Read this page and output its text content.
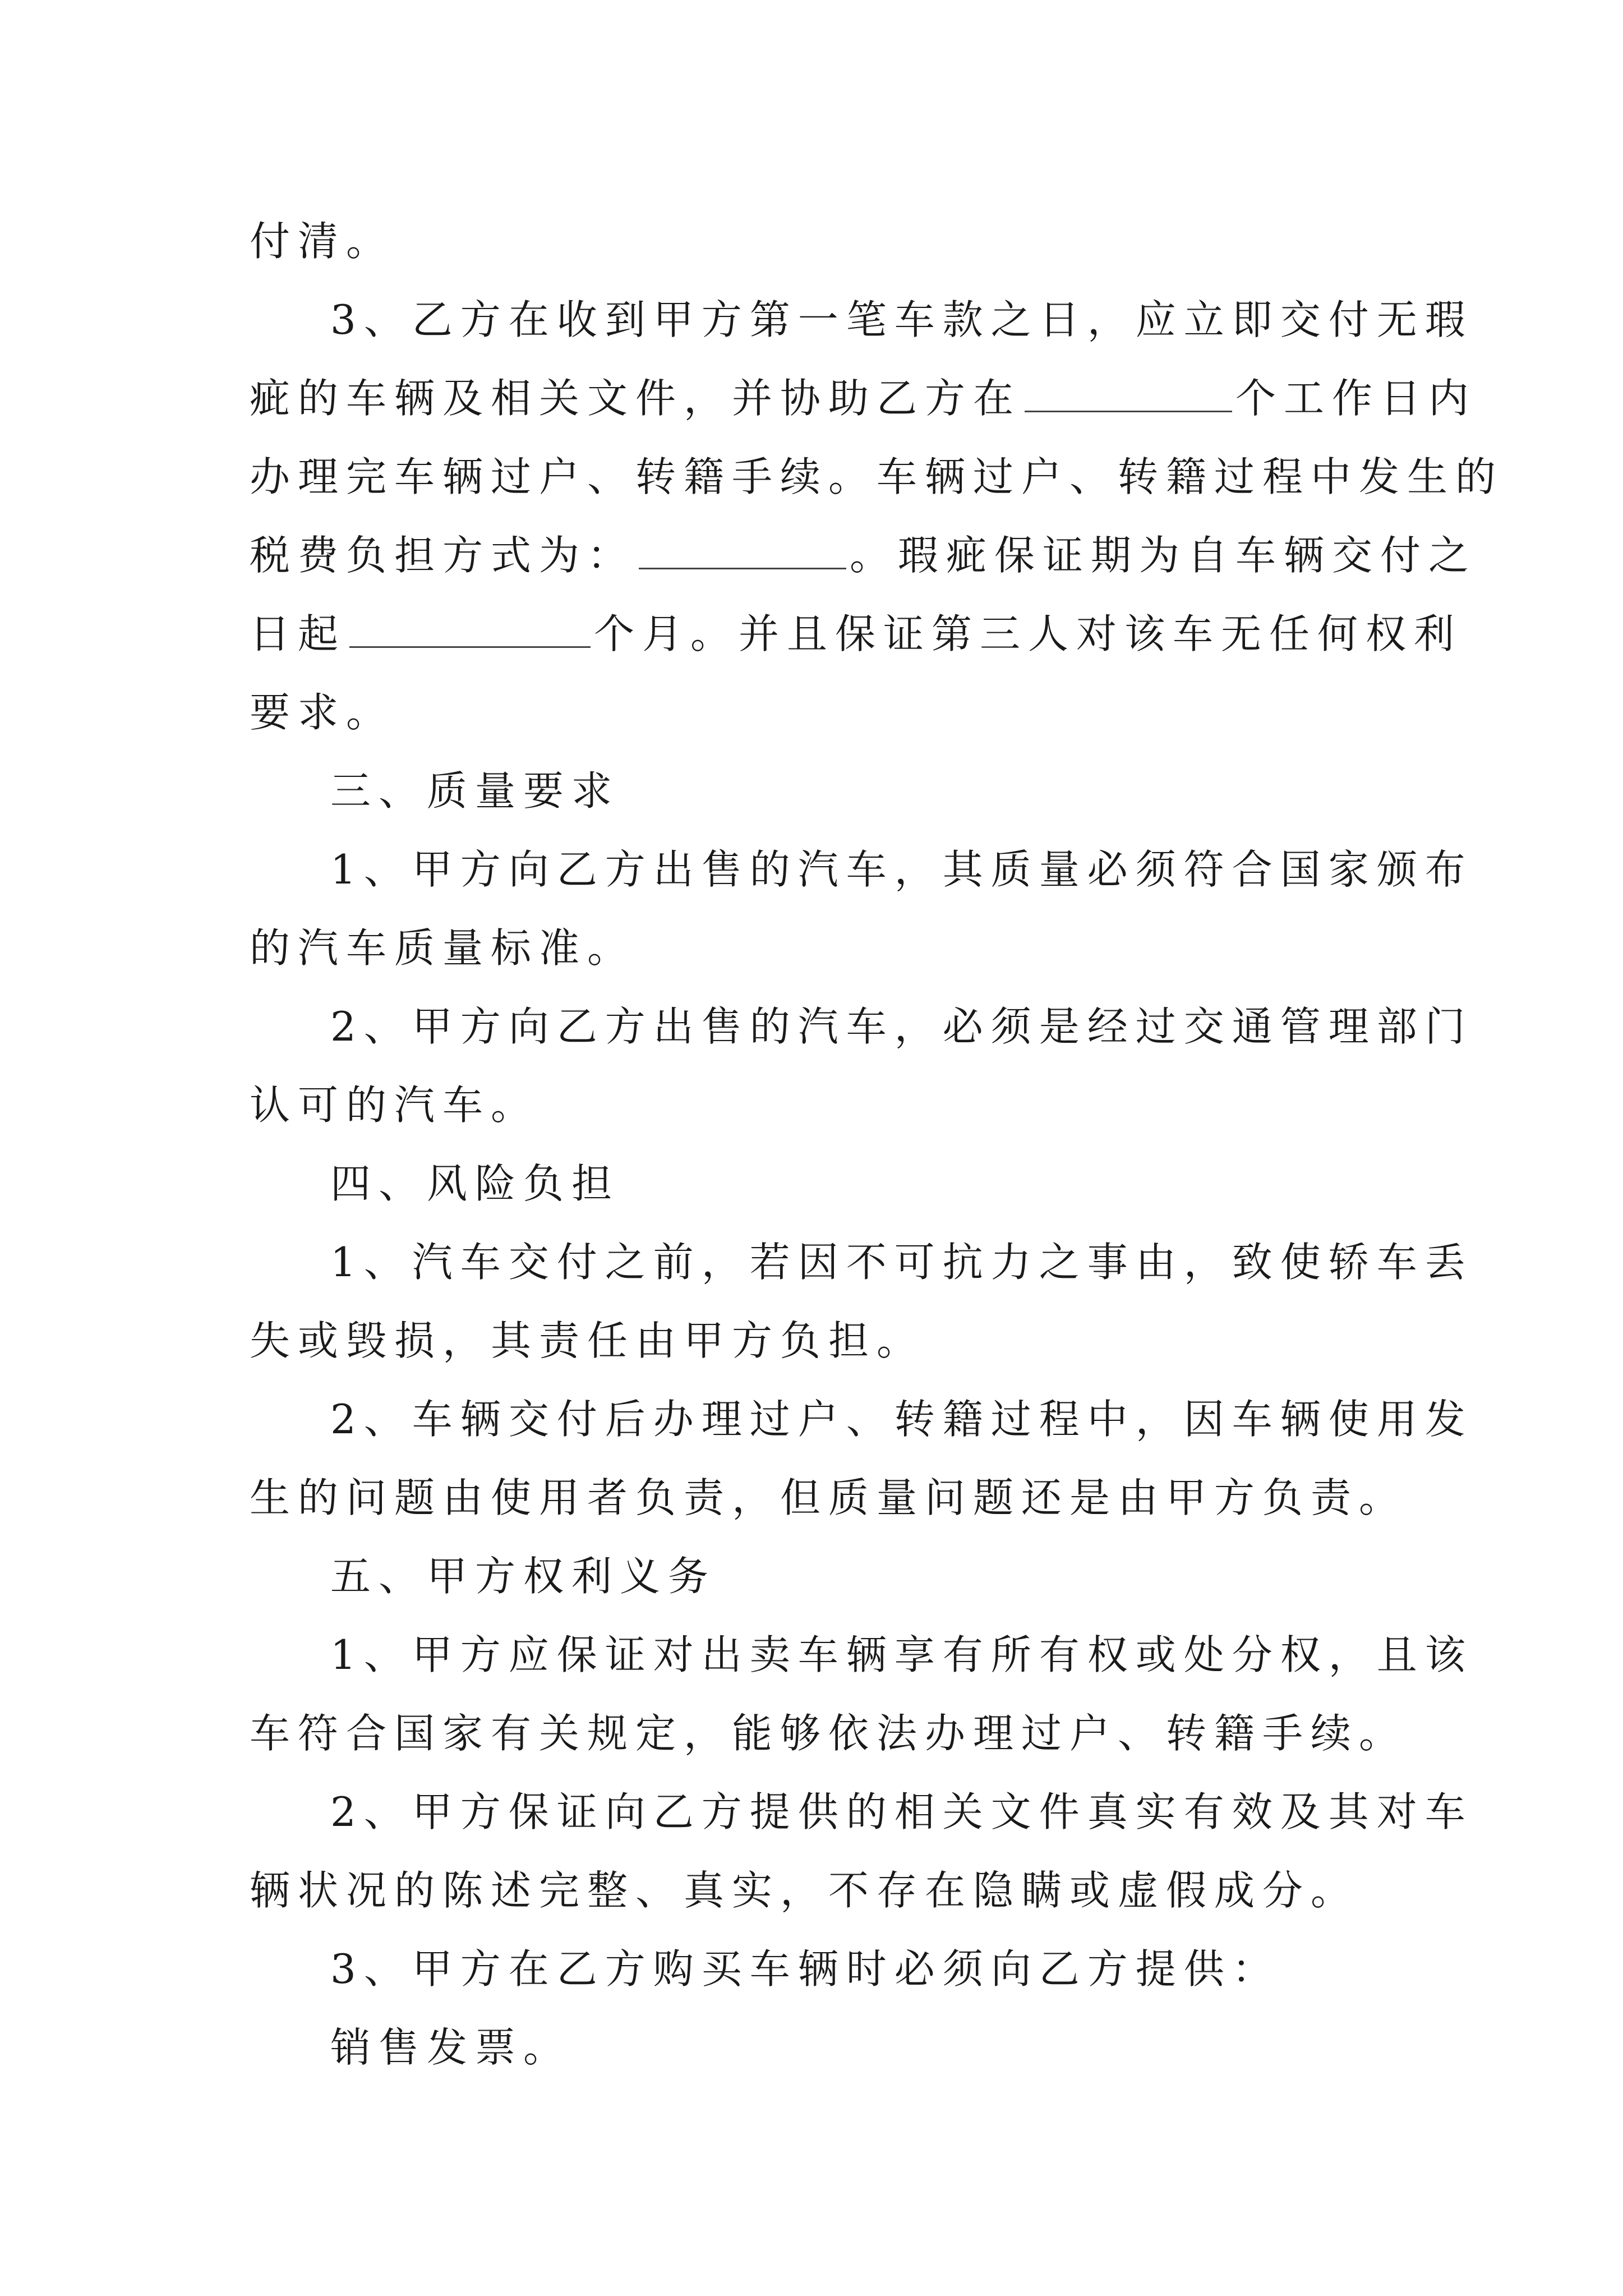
付清。

3、乙方在收到甲方第一笔车款之日，应立即交付无瑕
疵的车辆及相关文件，并协助乙方在	个工作日内
办理完车辆过户、转籍手续。车辆过户、转籍过程中发生的
税费负担方式为：	。瑕疵保证期为自车辆交付之
日起	个月。并且保证第三人对该车无任何权利
要求。

三、质量要求

1、甲方向乙方出售的汽车，其质量必须符合国家颁布
的汽车质量标准。

2、甲方向乙方出售的汽车，必须是经过交通管理部门
认可的汽车。

四、风险负担

1、汽车交付之前，若因不可抗力之事由，致使轿车丢
失或毁损，其责任由甲方负担。

2、车辆交付后办理过户、转籍过程中，因车辆使用发
生的问题由使用者负责，但质量问题还是由甲方负责。

五、甲方权利义务

1、甲方应保证对出卖车辆享有所有权或处分权，且该
车符合国家有关规定，能够依法办理过户、转籍手续。

2、甲方保证向乙方提供的相关文件真实有效及其对车
辆状况的陈述完整、真实，不存在隐瞒或虚假成分。

3、甲方在乙方购买车辆时必须向乙方提供：

销售发票。
